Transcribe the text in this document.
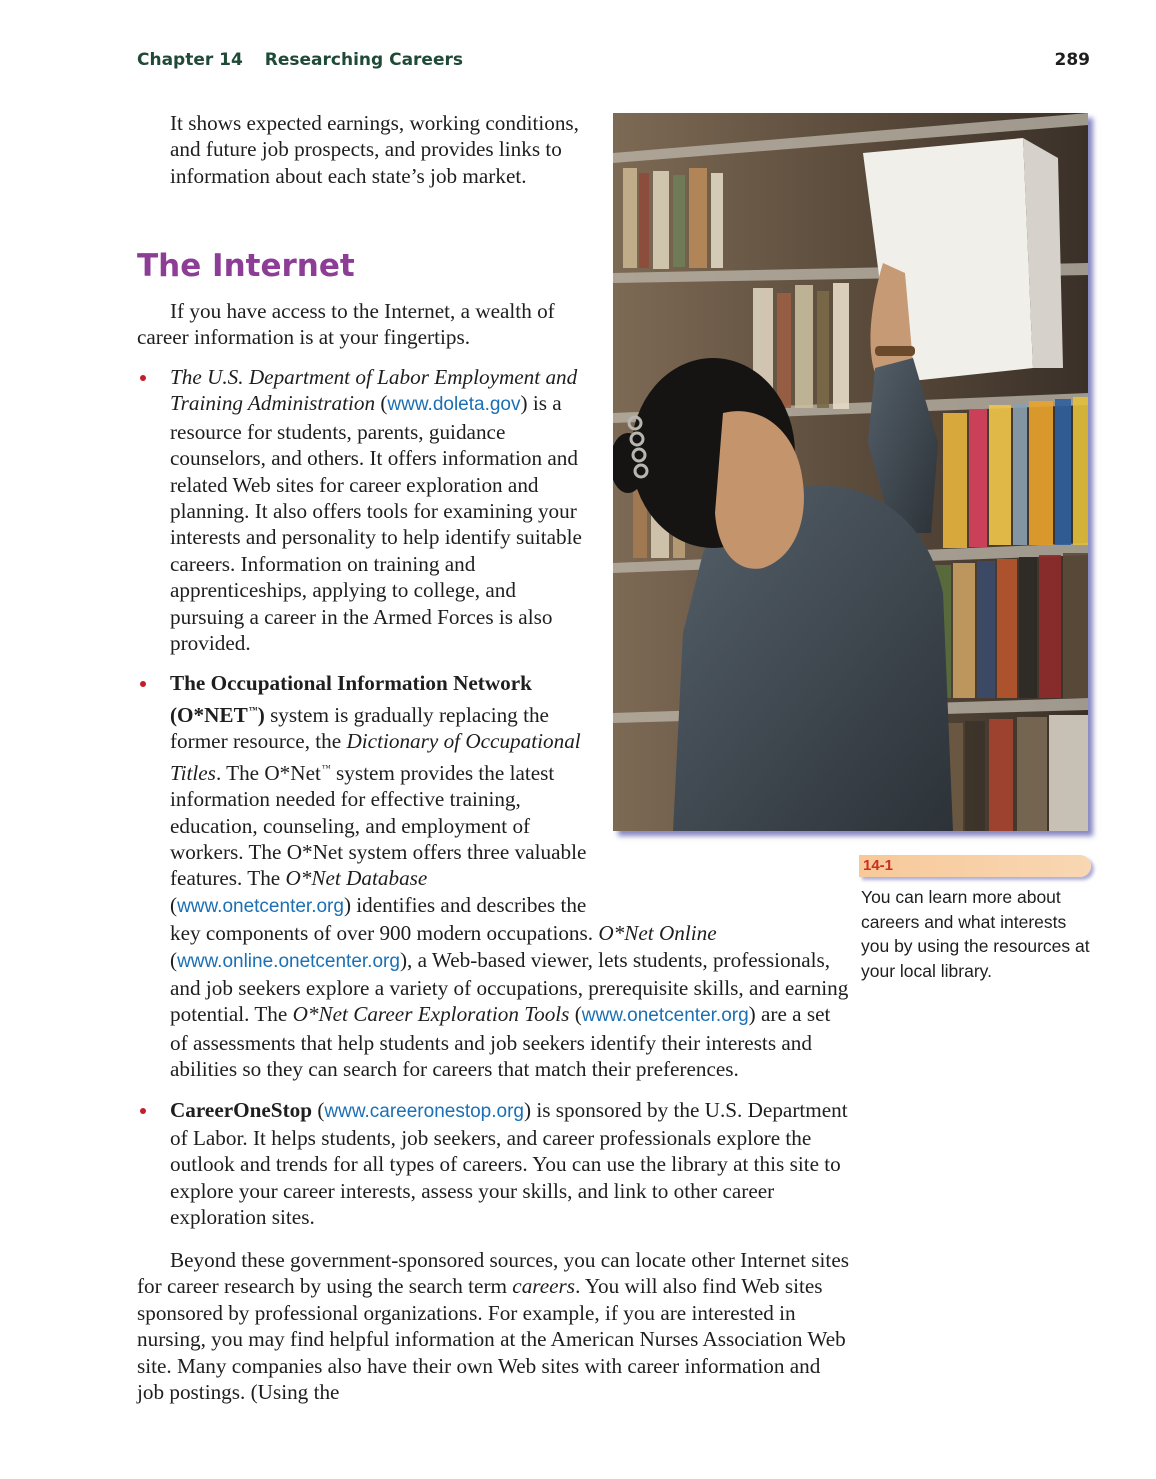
Chapter 14 Researching Careers	289

It shows expected earnings, working conditions, and future job prospects, and provides links to information about each state’s job market.

The Internet

If you have access to the Internet, a wealth of career information is at your fingertips.

The U.S. Department of Labor Employment and Training Administration (www.doleta.gov) is a resource for students, parents, guidance counselors, and others. It offers information and related Web sites for career exploration and planning. It also offers tools for examining your interests and personality to help identify suitable careers. Information on training and apprenticeships, applying to college, and pursuing a career in the Armed Forces is also provided.
The Occupational Information Network (O*NET™) system is gradually replacing the former resource, the Dictionary of Occupational Titles. The O*Net™ system provides the latest information needed for effective training, education, counseling, and employment of workers. The O*Net system offers three valuable features. The O*Net Database (www.onetcenter.org) identifies and describes the key components of over 900 modern occupations. O*Net Online (www.online.onetcenter.org), a Web-based viewer, lets students, professionals, and job seekers explore a variety of occupations, prerequisite skills, and earning potential. The O*Net Career Exploration Tools (www.onetcenter.org) are a set of assessments that help students and job seekers identify their interests and abilities so they can search for careers that match their preferences.
CareerOneStop (www.careeronestop.org) is sponsored by the U.S. Department of Labor. It helps students, job seekers, and career professionals explore the outlook and trends for all types of careers. You can use the library at this site to explore your career interests, assess your skills, and link to other career exploration sites.

Beyond these government-sponsored sources, you can locate other Internet sites for career research by using the search term careers. You will also find Web sites sponsored by professional organizations. For example, if you are interested in nursing, you may find helpful information at the American Nurses Association Web site. Many companies also have their own Web sites with career information and job postings. (Using the

14-1

You can learn more about careers and what interests you by using the resources at your local library.
